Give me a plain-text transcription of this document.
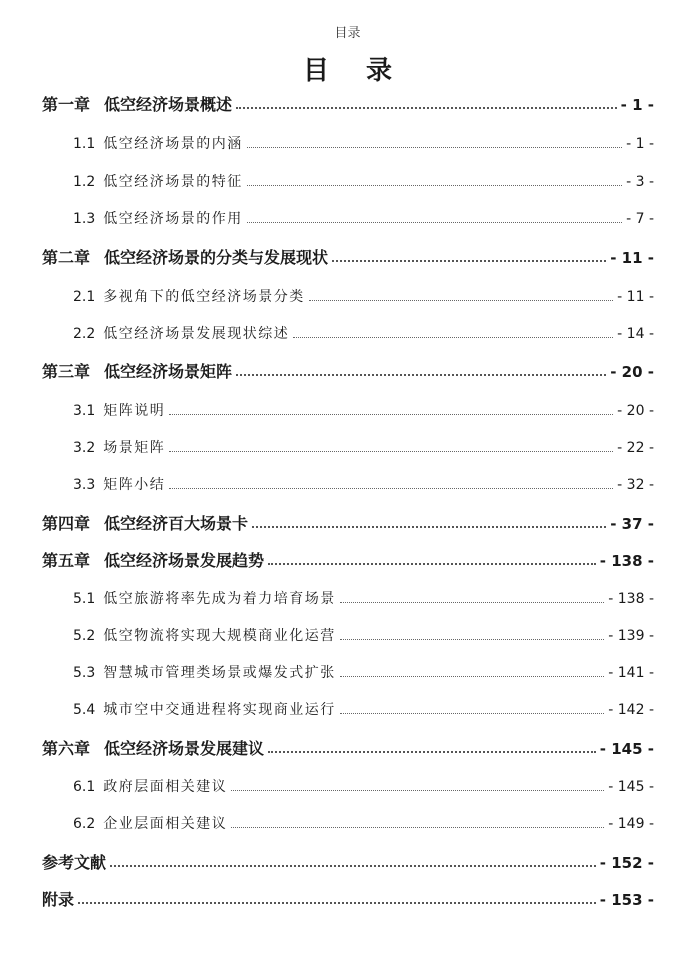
目录
目 录
第一章 低空经济场景概述	- 1 -
1.1 低空经济场景的内涵	- 1 -
1.2 低空经济场景的特征	- 3 -
1.3 低空经济场景的作用	- 7 -
第二章 低空经济场景的分类与发展现状	- 11 -
2.1 多视角下的低空经济场景分类	- 11 -
2.2 低空经济场景发展现状综述	- 14 -
第三章 低空经济场景矩阵	- 20 -
3.1 矩阵说明	- 20 -
3.2 场景矩阵	- 22 -
3.3 矩阵小结	- 32 -
第四章 低空经济百大场景卡	- 37 -
第五章 低空经济场景发展趋势	- 138 -
5.1 低空旅游将率先成为着力培育场景	- 138 -
5.2 低空物流将实现大规模商业化运营	- 139 -
5.3 智慧城市管理类场景或爆发式扩张	- 141 -
5.4 城市空中交通进程将实现商业运行	- 142 -
第六章 低空经济场景发展建议	- 145 -
6.1 政府层面相关建议	- 145 -
6.2 企业层面相关建议	- 149 -
参考文献	- 152 -
附录	- 153 -
